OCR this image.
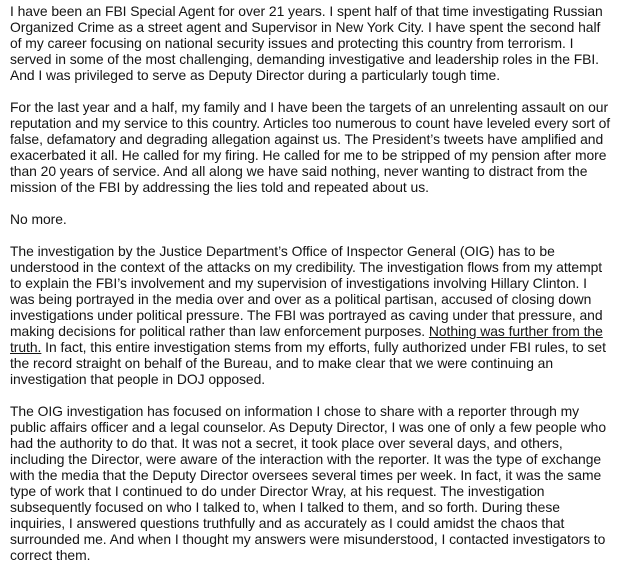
I have been an FBI Special Agent for over 21 years. I spent half of that time investigating Russian Organized Crime as a street agent and Supervisor in New York City. I have spent the second half of my career focusing on national security issues and protecting this country from terrorism. I served in some of the most challenging, demanding investigative and leadership roles in the FBI. And I was privileged to serve as Deputy Director during a particularly tough time.

For the last year and a half, my family and I have been the targets of an unrelenting assault on our reputation and my service to this country. Articles too numerous to count have leveled every sort of false, defamatory and degrading allegation against us. The President’s tweets have amplified and exacerbated it all. He called for my firing. He called for me to be stripped of my pension after more than 20 years of service. And all along we have said nothing, never wanting to distract from the mission of the FBI by addressing the lies told and repeated about us.

No more.

The investigation by the Justice Department’s Office of Inspector General (OIG) has to be understood in the context of the attacks on my credibility. The investigation flows from my attempt to explain the FBI’s involvement and my supervision of investigations involving Hillary Clinton. I was being portrayed in the media over and over as a political partisan, accused of closing down investigations under political pressure. The FBI was portrayed as caving under that pressure, and making decisions for political rather than law enforcement purposes. Nothing was further from the truth. In fact, this entire investigation stems from my efforts, fully authorized under FBI rules, to set the record straight on behalf of the Bureau, and to make clear that we were continuing an investigation that people in DOJ opposed.

The OIG investigation has focused on information I chose to share with a reporter through my public affairs officer and a legal counselor. As Deputy Director, I was one of only a few people who had the authority to do that. It was not a secret, it took place over several days, and others, including the Director, were aware of the interaction with the reporter. It was the type of exchange with the media that the Deputy Director oversees several times per week. In fact, it was the same type of work that I continued to do under Director Wray, at his request. The investigation subsequently focused on who I talked to, when I talked to them, and so forth. During these inquiries, I answered questions truthfully and as accurately as I could amidst the chaos that surrounded me. And when I thought my answers were misunderstood, I contacted investigators to correct them.
